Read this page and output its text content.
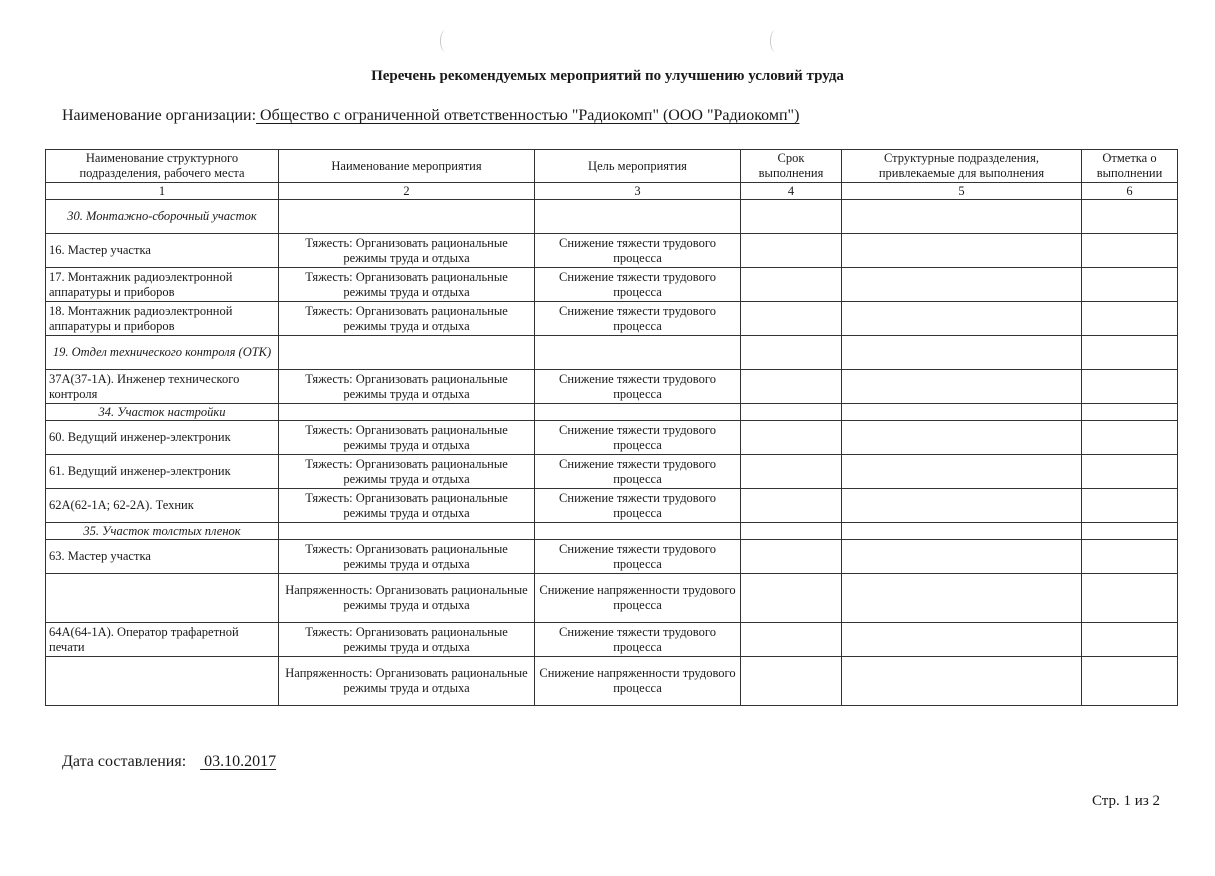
Перечень рекомендуемых мероприятий по улучшению условий труда
Наименование организации: Общество с ограниченной ответственностью "Радиокомп" (ООО "Радиокомп")
Наименование структурного подразделения, рабочего места	Наименование мероприятия	Цель мероприятия	Срок выполнения	Структурные подразделения, привлекаемые для выполнения	Отметка о выполнении
1	2	3	4	5	6
30. Монтажно-сборочный участок					
16. Мастер участка	Тяжесть: Организовать рациональные режимы труда и отдыха	Снижение тяжести трудового процесса			
17. Монтажник радиоэлектронной аппаратуры и приборов	Тяжесть: Организовать рациональные режимы труда и отдыха	Снижение тяжести трудового процесса			
18. Монтажник радиоэлектронной аппаратуры и приборов	Тяжесть: Организовать рациональные режимы труда и отдыха	Снижение тяжести трудового процесса			
19. Отдел технического контроля (ОТК)					
37А(37-1А). Инженер технического контроля	Тяжесть: Организовать рациональные режимы труда и отдыха	Снижение тяжести трудового процесса			
34. Участок настройки					
60. Ведущий инженер-электроник	Тяжесть: Организовать рациональные режимы труда и отдыха	Снижение тяжести трудового процесса			
61. Ведущий инженер-электроник	Тяжесть: Организовать рациональные режимы труда и отдыха	Снижение тяжести трудового процесса			
62А(62-1А; 62-2А). Техник	Тяжесть: Организовать рациональные режимы труда и отдыха	Снижение тяжести трудового процесса			
35. Участок толстых пленок					
63. Мастер участка	Тяжесть: Организовать рациональные режимы труда и отдыха	Снижение тяжести трудового процесса			
	Напряженность: Организовать рациональные режимы труда и отдыха	Снижение напряженности трудового процесса			
64А(64-1А). Оператор трафаретной печати	Тяжесть: Организовать рациональные режимы труда и отдыха	Снижение тяжести трудового процесса			
	Напряженность: Организовать рациональные режимы труда и отдыха	Снижение напряженности трудового процесса			
Дата составления: 03.10.2017
Стр. 1 из 2
